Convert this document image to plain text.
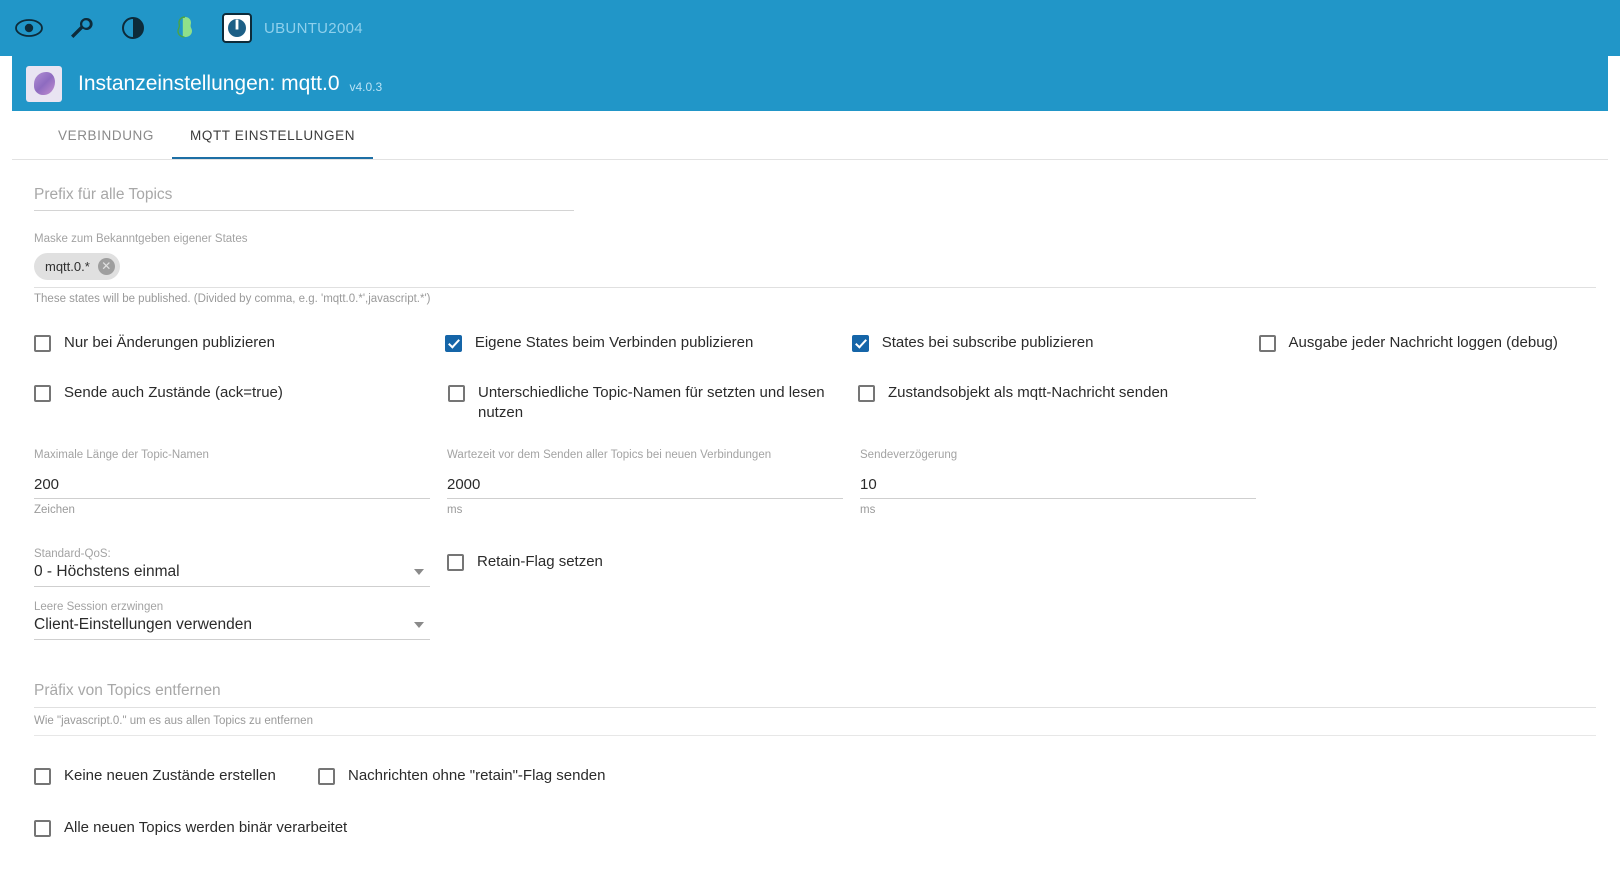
UBUNTU2004
Instanzeinstellungen: mqtt.0 v4.0.3
VERBINDUNG	MQTT EINSTELLUNGEN
Prefix für alle Topics
Maske zum Bekanntgeben eigener States
mqtt.0.* ✕
These states will be published. (Divided by comma, e.g. 'mqtt.0.*',javascript.*')
Nur bei Änderungen publizieren	Eigene States beim Verbinden publizieren	States bei subscribe publizieren	Ausgabe jeder Nachricht loggen (debug)
Sende auch Zustände (ack=true)	Unterschiedliche Topic-Namen für setzten und lesen nutzen
Zustandsobjekt als mqtt-Nachricht senden
Maximale Länge der Topic-Namen
200
Zeichen
Wartezeit vor dem Senden aller Topics bei neuen Verbindungen
2000
ms
Sendeverzögerung
10
ms
Standard-QoS:
0 - Höchstens einmal
Leere Session erzwingen
Client-Einstellungen verwenden
Retain-Flag setzen
Präfix von Topics entfernen
Wie "javascript.0." um es aus allen Topics zu entfernen
Keine neuen Zustände erstellen	Nachrichten ohne "retain"-Flag senden
Alle neuen Topics werden binär verarbeitet
